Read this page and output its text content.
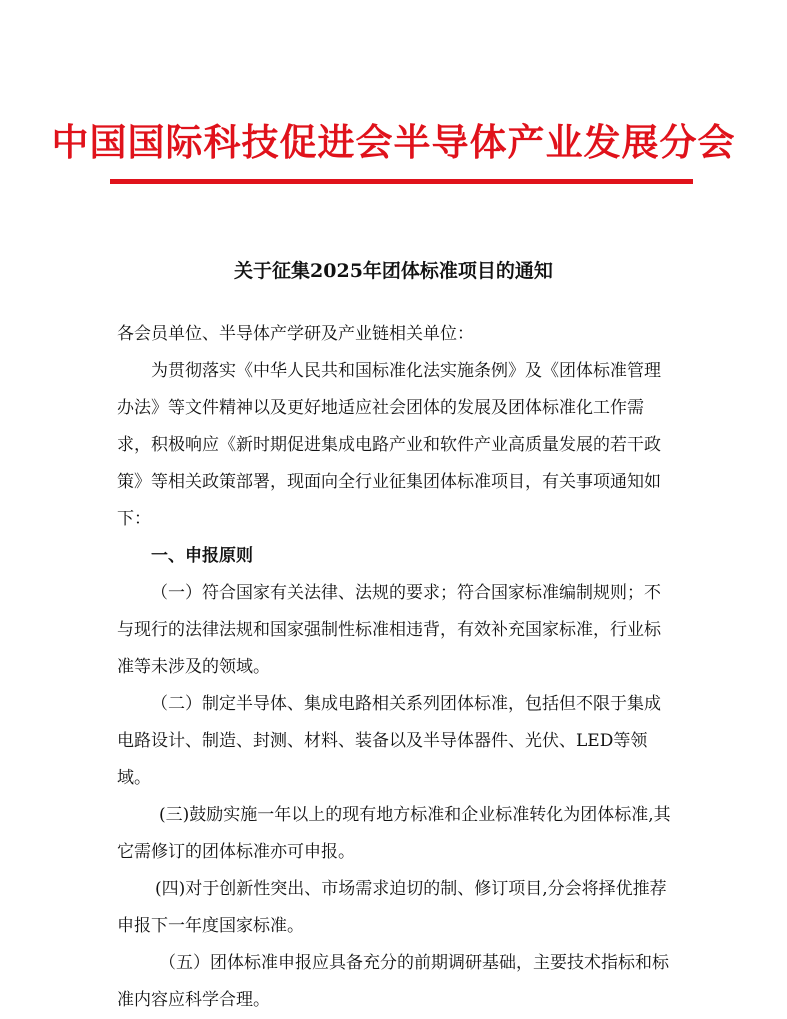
中国国际科技促进会半导体产业发展分会
关于征集2025年团体标准项目的通知

各会员单位、半导体产学研及产业链相关单位：

为贯彻落实《中华人民共和国标准化法实施条例》及《团体标准管理办法》等文件精神以及更好地适应社会团体的发展及团体标准化工作需求，积极响应《新时期促进集成电路产业和软件产业高质量发展的若干政策》等相关政策部署，现面向全行业征集团体标准项目，有关事项通知如下：

一、申报原则

（一）符合国家有关法律、法规的要求；符合国家标准编制规则；不与现行的法律法规和国家强制性标准相违背，有效补充国家标准，行业标准等未涉及的领域。

（二）制定半导体、集成电路相关系列团体标准，包括但不限于集成电路设计、制造、封测、材料、装备以及半导体器件、光伏、LED等领域。

(三)鼓励实施一年以上的现有地方标准和企业标准转化为团体标准,其它需修订的团体标准亦可申报。

(四)对于创新性突出、市场需求迫切的制、修订项目,分会将择优推荐申报下一年度国家标准。

（五）团体标准申报应具备充分的前期调研基础，主要技术指标和标准内容应科学合理。
